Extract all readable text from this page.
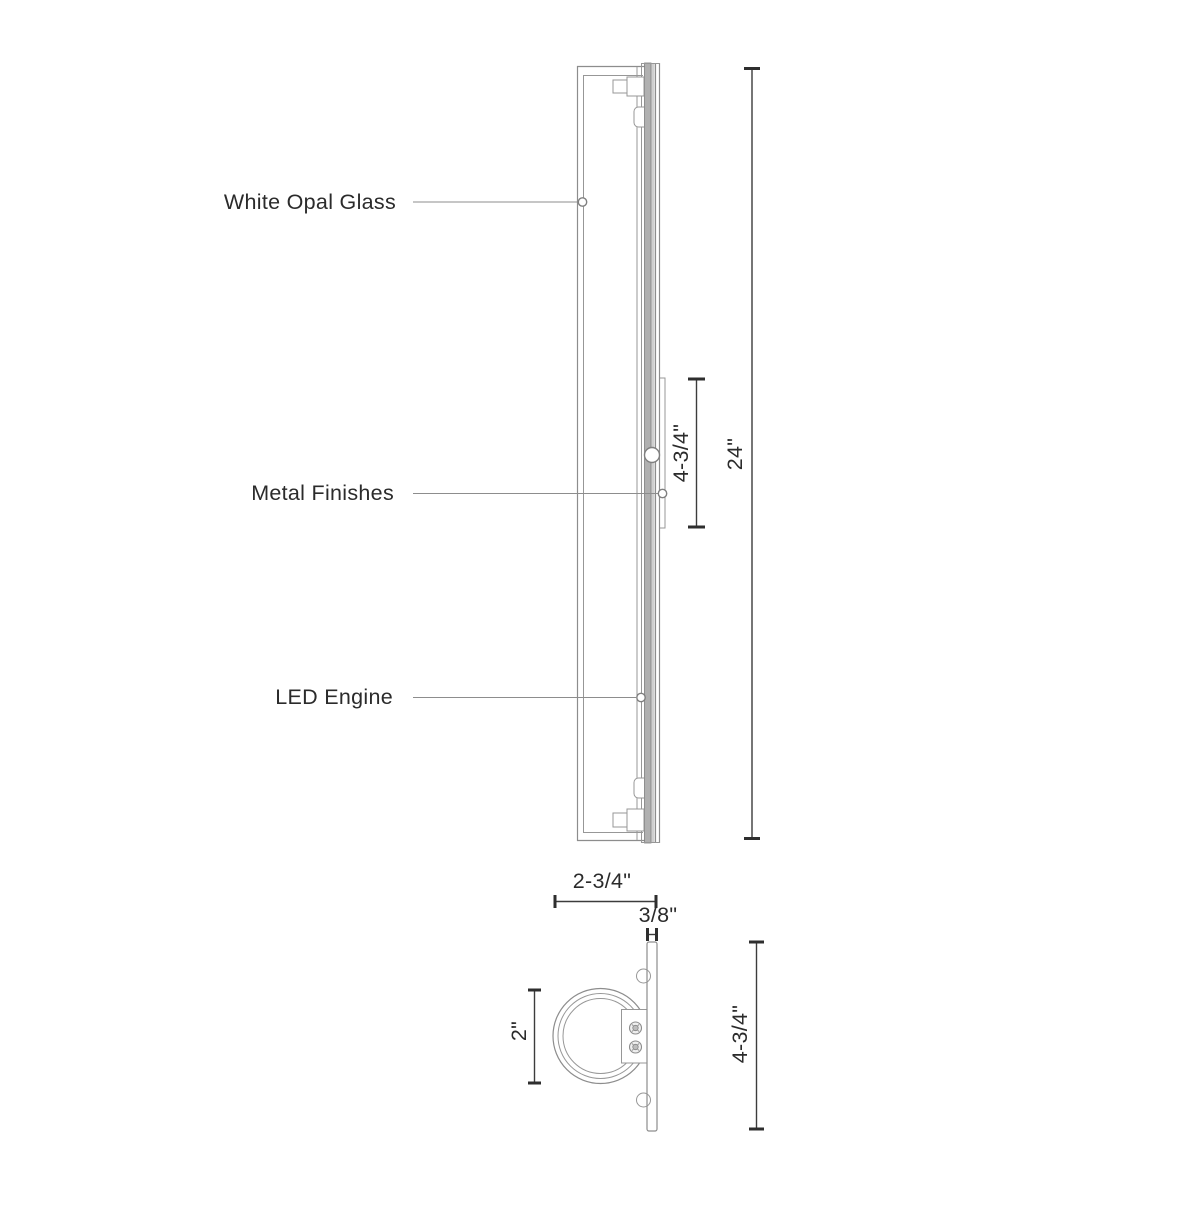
White Opal Glass
Metal Finishes
LED Engine
4-3/4" 24"
2-3/4"
3/8"
2"	4-3/4"
